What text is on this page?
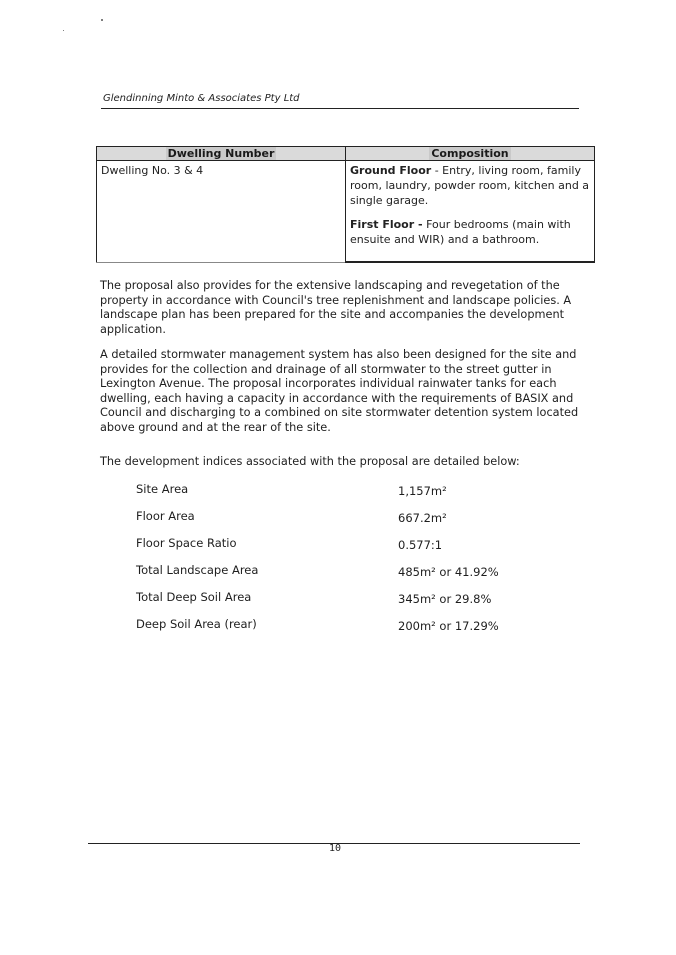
Glendinning Minto & Associates Pty Ltd
Dwelling Number	Composition
Dwelling No. 3 & 4	Ground Floor - Entry, living room, family room, laundry, powder room, kitchen and a single garage.
First Floor - Four bedrooms (main with ensuite and WIR) and a bathroom.
The proposal also provides for the extensive landscaping and revegetation of the property in accordance with Council's tree replenishment and landscape policies. A landscape plan has been prepared for the site and accompanies the development application.
A detailed stormwater management system has also been designed for the site and provides for the collection and drainage of all stormwater to the street gutter in Lexington Avenue. The proposal incorporates individual rainwater tanks for each dwelling, each having a capacity in accordance with the requirements of BASIX and Council and discharging to a combined on site stormwater detention system located above ground and at the rear of the site.
The development indices associated with the proposal are detailed below:
Site Area	1,157m²
Floor Area	667.2m²
Floor Space Ratio	0.577:1
Total Landscape Area	485m² or 41.92%
Total Deep Soil Area	345m² or 29.8%
Deep Soil Area (rear)	200m² or 17.29%
10
